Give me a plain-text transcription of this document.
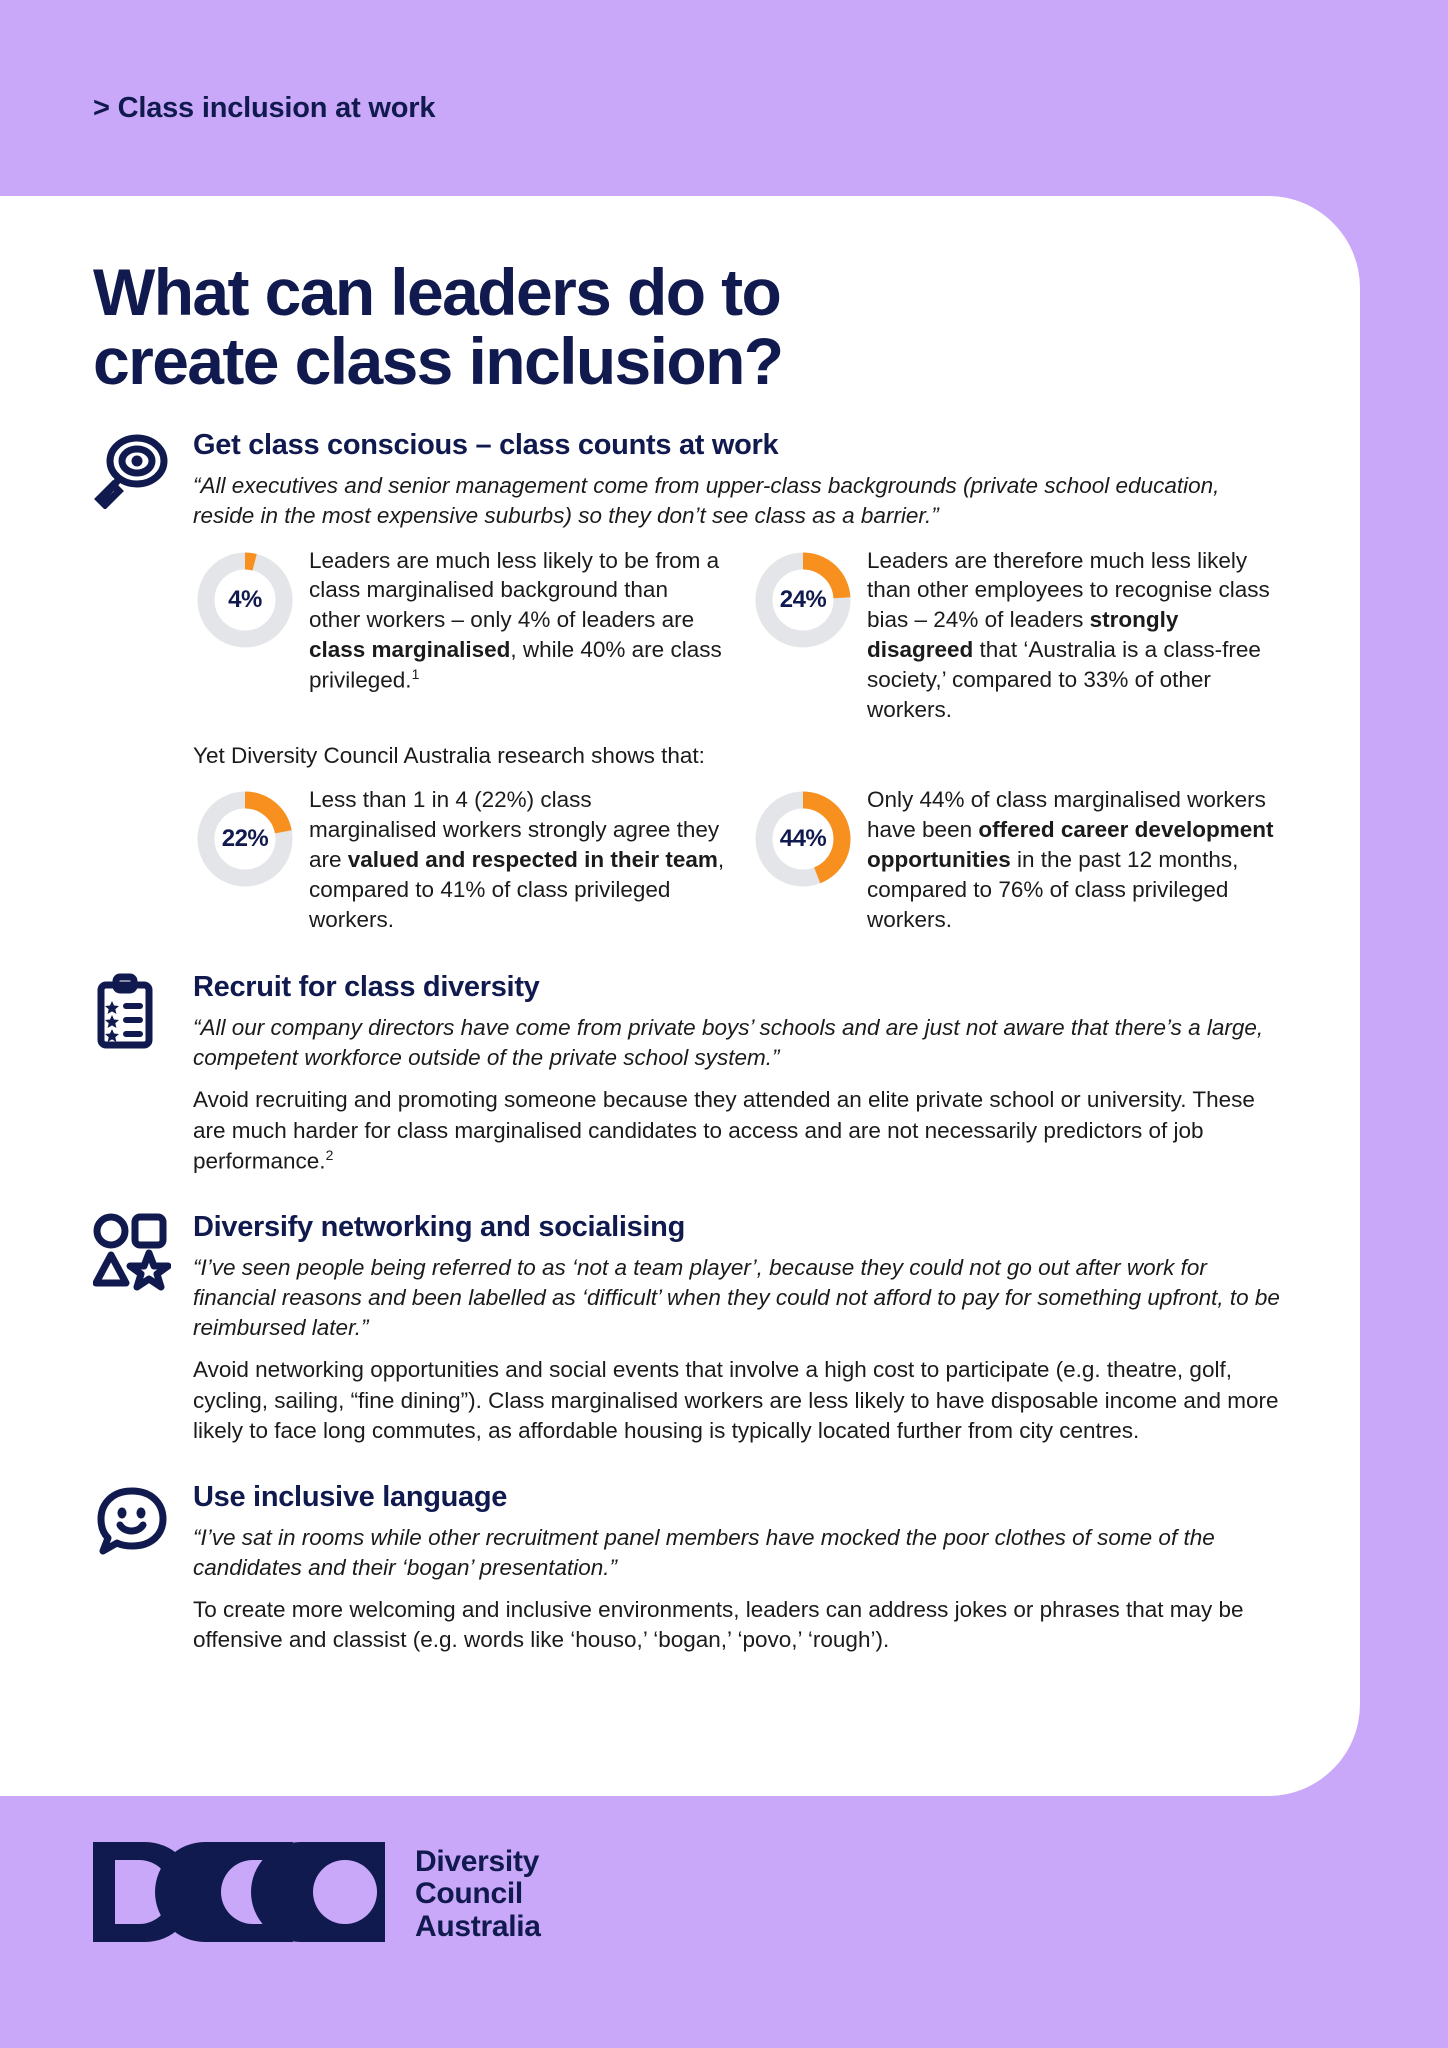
> Class inclusion at work
What can leaders do to
create class inclusion?
Get class conscious – class counts at work
“All executives and senior management come from upper-class backgrounds (private school education, reside in the most expensive suburbs) so they don’t see class as a barrier.”
4%
Leaders are much less likely to be from a class marginalised background than other workers – only 4% of leaders are class marginalised, while 40% are class privileged.$^1$
24%
Leaders are therefore much less likely than other employees to recognise class bias – 24% of leaders strongly disagreed that ‘Australia is a class-free society,’ compared to 33% of other workers.
Yet Diversity Council Australia research shows that:
22%
Less than 1 in 4 (22%) class marginalised workers strongly agree they are valued and respected in their team, compared to 41% of class privileged workers.
44%
Only 44% of class marginalised workers have been offered career development opportunities in the past 12 months, compared to 76% of class privileged workers.
Recruit for class diversity
“All our company directors have come from private boys’ schools and are just not aware that there’s a large, competent workforce outside of the private school system.”
Avoid recruiting and promoting someone because they attended an elite private school or university. These are much harder for class marginalised candidates to access and are not necessarily predictors of job performance.$^2$
Diversify networking and socialising
“I’ve seen people being referred to as ‘not a team player’, because they could not go out after work for financial reasons and been labelled as ‘difficult’ when they could not afford to pay for something upfront, to be reimbursed later.”
Avoid networking opportunities and social events that involve a high cost to participate (e.g. theatre, golf, cycling, sailing, “fine dining”). Class marginalised workers are less likely to have disposable income and more likely to face long commutes, as affordable housing is typically located further from city centres.
Use inclusive language
“I’ve sat in rooms while other recruitment panel members have mocked the poor clothes of some of the candidates and their ‘bogan’ presentation.”
To create more welcoming and inclusive environments, leaders can address jokes or phrases that may be offensive and classist (e.g. words like ‘houso,’ ‘bogan,’ ‘povo,’ ‘rough’).
Diversity
Council
Australia
